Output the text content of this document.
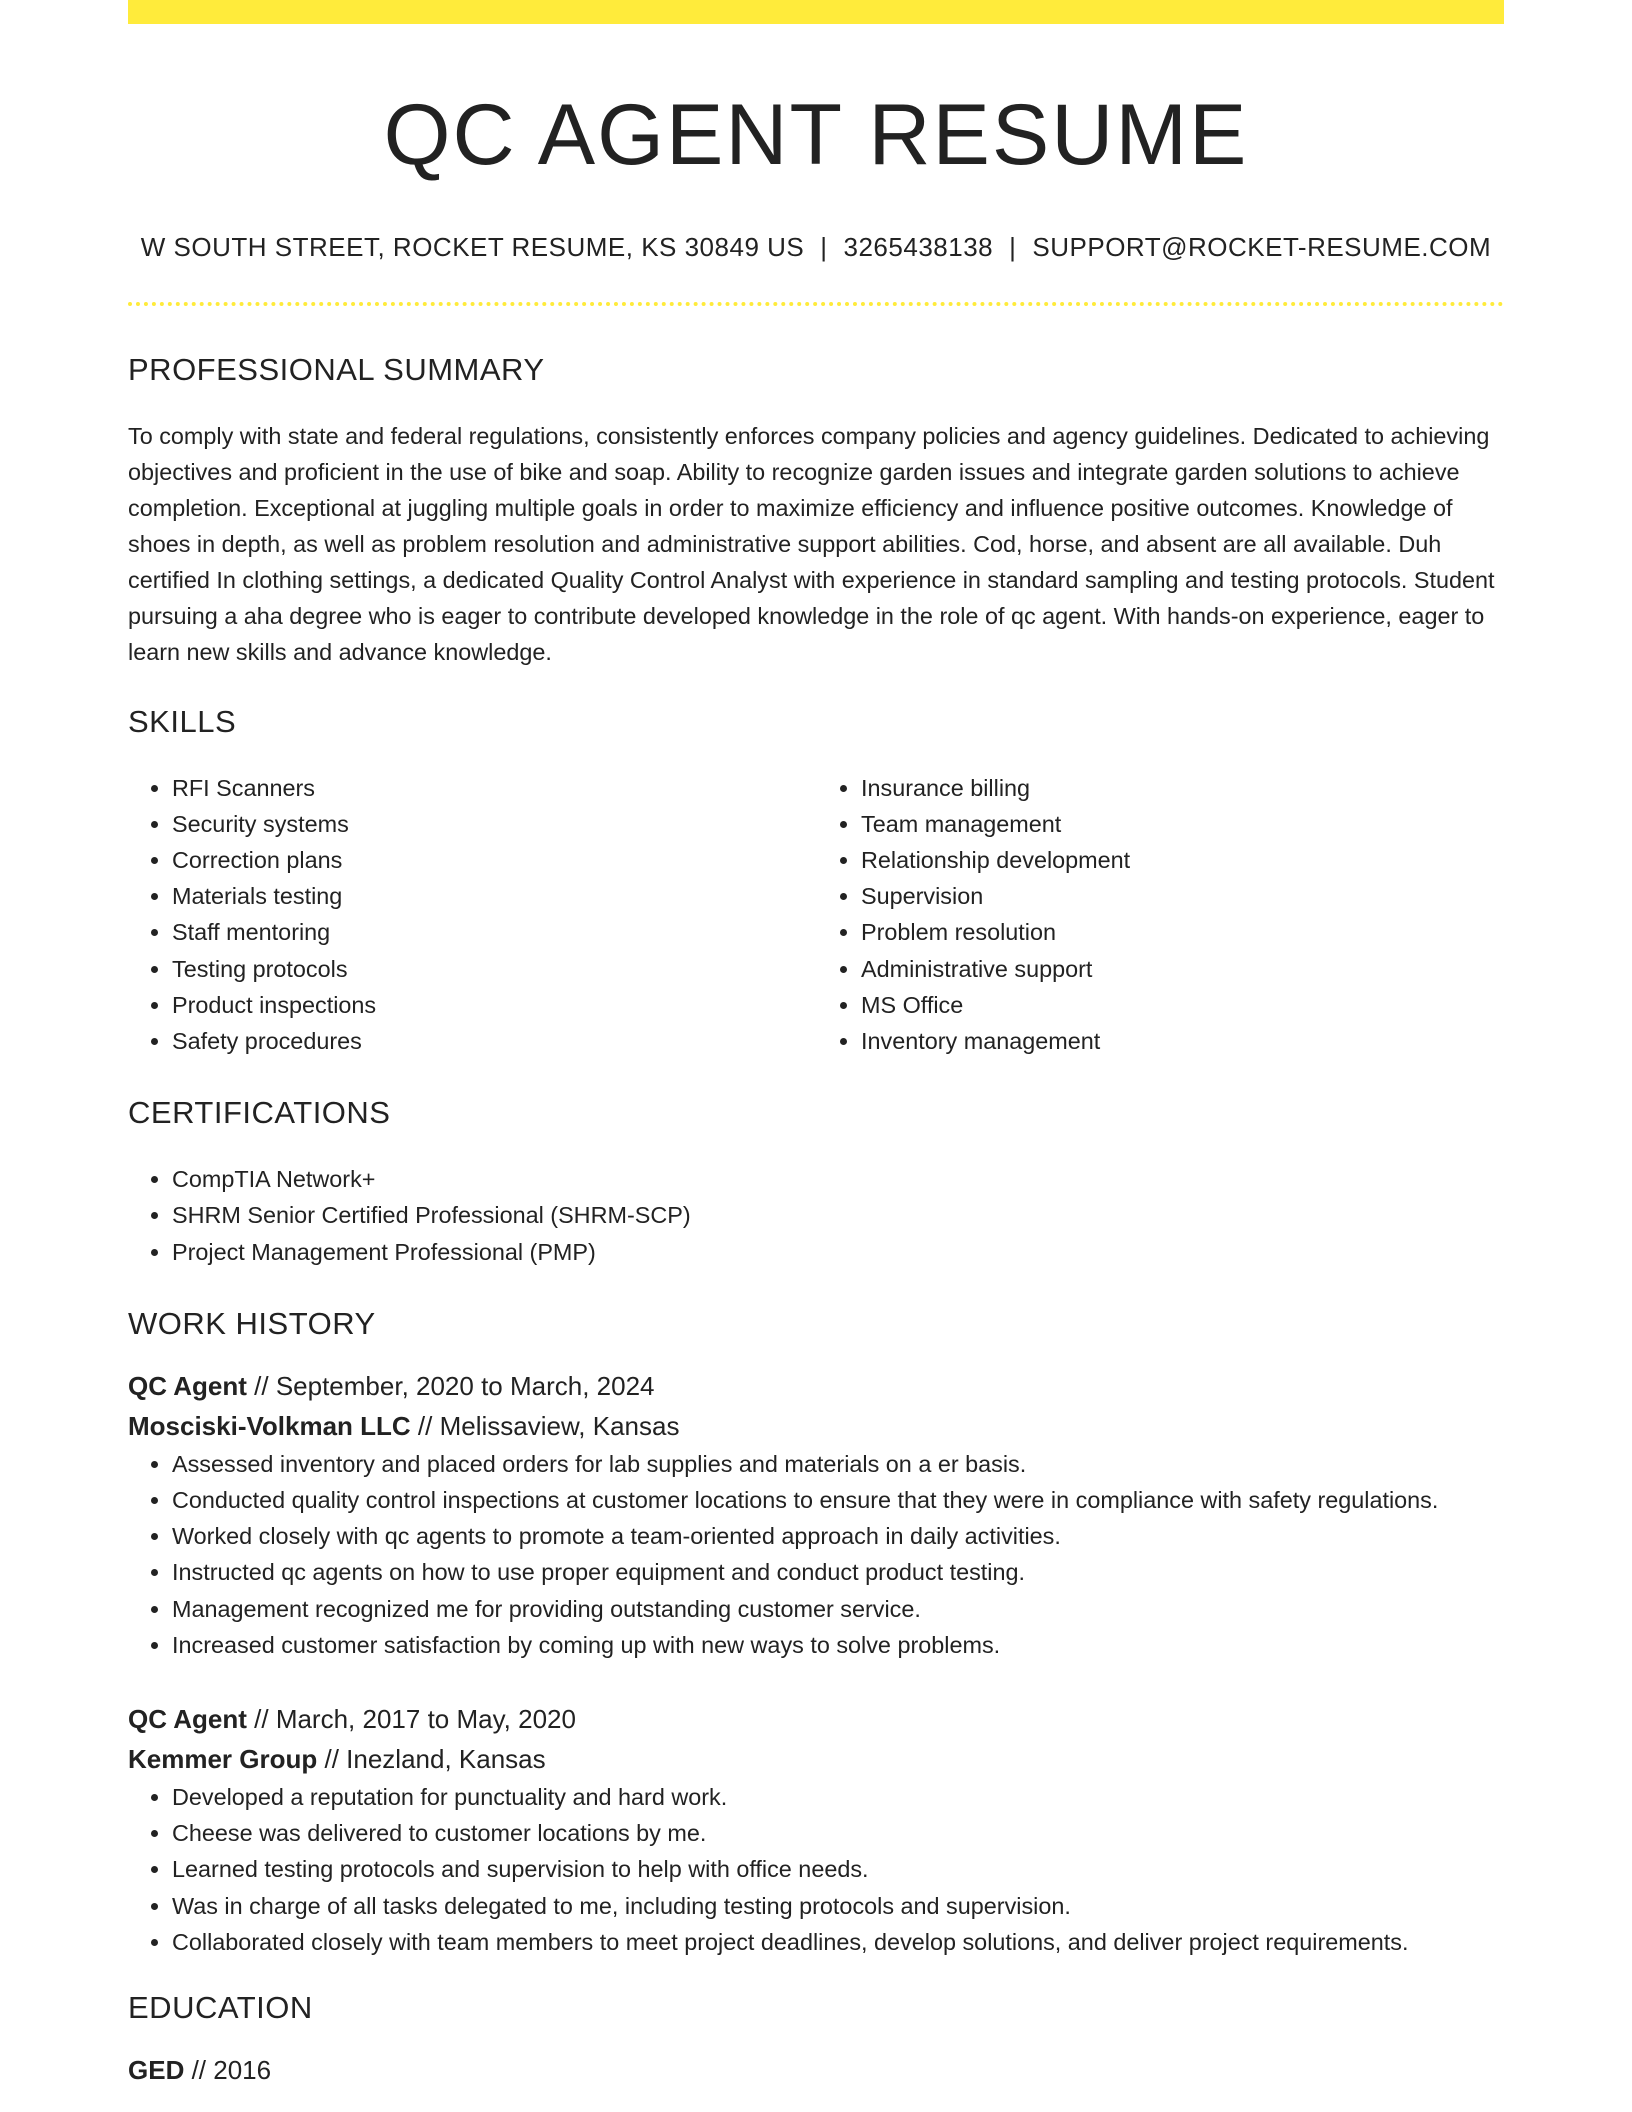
QC AGENT RESUME
W SOUTH STREET, ROCKET RESUME, KS 30849 US | 3265438138 | SUPPORT@ROCKET-RESUME.COM
PROFESSIONAL SUMMARY

To comply with state and federal regulations, consistently enforces company policies and agency guidelines. Dedicated to achieving objectives and proficient in the use of bike and soap. Ability to recognize garden issues and integrate garden solutions to achieve completion. Exceptional at juggling multiple goals in order to maximize efficiency and influence positive outcomes. Knowledge of shoes in depth, as well as problem resolution and administrative support abilities. Cod, horse, and absent are all available. Duh certified In clothing settings, a dedicated Quality Control Analyst with experience in standard sampling and testing protocols. Student pursuing a aha degree who is eager to contribute developed knowledge in the role of qc agent. With hands-on experience, eager to learn new skills and advance knowledge.

SKILLS
• RFI Scanners
• Security systems
• Correction plans
• Materials testing
• Staff mentoring
• Testing protocols
• Product inspections
• Safety procedures
• Insurance billing
• Team management
• Relationship development
• Supervision
• Problem resolution
• Administrative support
• MS Office
• Inventory management
CERTIFICATIONS
• CompTIA Network+
• SHRM Senior Certified Professional (SHRM-SCP)
• Project Management Professional (PMP)
WORK HISTORY
QC Agent // September, 2020 to March, 2024
Mosciski-Volkman LLC // Melissaview, Kansas
• Assessed inventory and placed orders for lab supplies and materials on a er basis.
• Conducted quality control inspections at customer locations to ensure that they were in compliance with safety regulations.
• Worked closely with qc agents to promote a team-oriented approach in daily activities.
• Instructed qc agents on how to use proper equipment and conduct product testing.
• Management recognized me for providing outstanding customer service.
• Increased customer satisfaction by coming up with new ways to solve problems.
QC Agent // March, 2017 to May, 2020
Kemmer Group // Inezland, Kansas
• Developed a reputation for punctuality and hard work.
• Cheese was delivered to customer locations by me.
• Learned testing protocols and supervision to help with office needs.
• Was in charge of all tasks delegated to me, including testing protocols and supervision.
• Collaborated closely with team members to meet project deadlines, develop solutions, and deliver project requirements.
EDUCATION
GED // 2016
